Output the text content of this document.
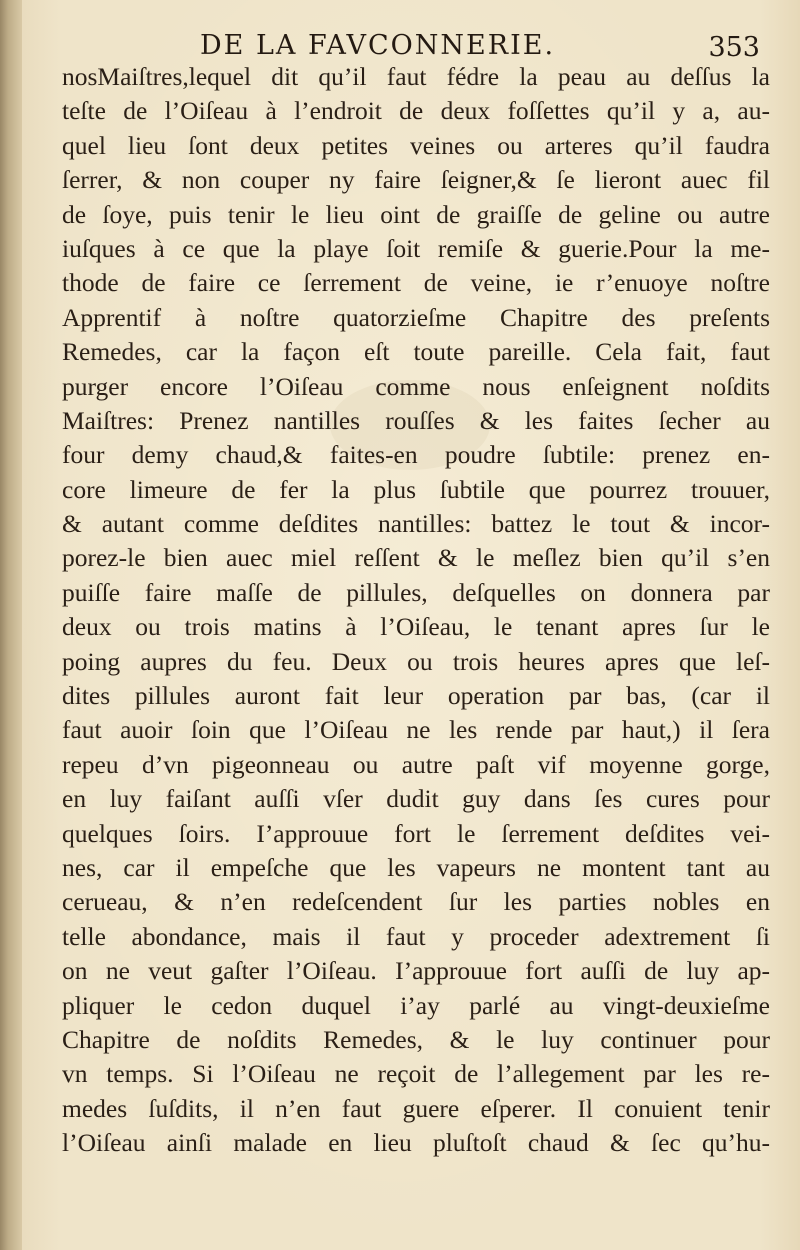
DE LA FAVCONNERIE.	353
nosMaiſtres,lequel dit qu’il faut fédre la peau au deſſus la
teſte de l’Oiſeau à l’endroit de deux foſſettes qu’il y a, au-
quel lieu ſont deux petites veines ou arteres qu’il faudra
ſerrer, & non couper ny faire ſeigner,& ſe lieront auec fil
de ſoye, puis tenir le lieu oint de graiſſe de geline ou autre
iuſques à ce que la playe ſoit remiſe & guerie.Pour la me-
thode de faire ce ſerrement de veine, ie r’enuoye noſtre
Apprentif à noſtre quatorzieſme Chapitre des preſents
Remedes, car la façon eſt toute pareille. Cela fait, faut
purger encore l’Oiſeau comme nous enſeignent noſdits
Maiſtres: Prenez nantilles rouſſes & les faites ſecher au
four demy chaud,& faites-en poudre ſubtile: prenez en-
core limeure de fer la plus ſubtile que pourrez trouuer,
& autant comme deſdites nantilles: battez le tout & incor-
porez-le bien auec miel reſſent & le meſlez bien qu’il s’en
puiſſe faire maſſe de pillules, deſquelles on donnera par
deux ou trois matins à l’Oiſeau, le tenant apres ſur le
poing aupres du feu. Deux ou trois heures apres que leſ-
dites pillules auront fait leur operation par bas, (car il
faut auoir ſoin que l’Oiſeau ne les rende par haut,) il ſera
repeu d’vn pigeonneau ou autre paſt vif moyenne gorge,
en luy faiſant auſſi vſer dudit guy dans ſes cures pour
quelques ſoirs. I’approuue fort le ſerrement deſdites vei-
nes, car il empeſche que les vapeurs ne montent tant au
cerueau, & n’en redeſcendent ſur les parties nobles en
telle abondance, mais il faut y proceder adextrement ſi
on ne veut gaſter l’Oiſeau. I’approuue fort auſſi de luy ap-
pliquer le cedon duquel i’ay parlé au vingt-deuxieſme
Chapitre de noſdits Remedes, & le luy continuer pour
vn temps. Si l’Oiſeau ne reçoit de l’allegement par les re-
medes ſuſdits, il n’en faut guere eſperer. Il conuient tenir
l’Oiſeau ainſi malade en lieu pluſtoſt chaud & ſec qu’hu-
